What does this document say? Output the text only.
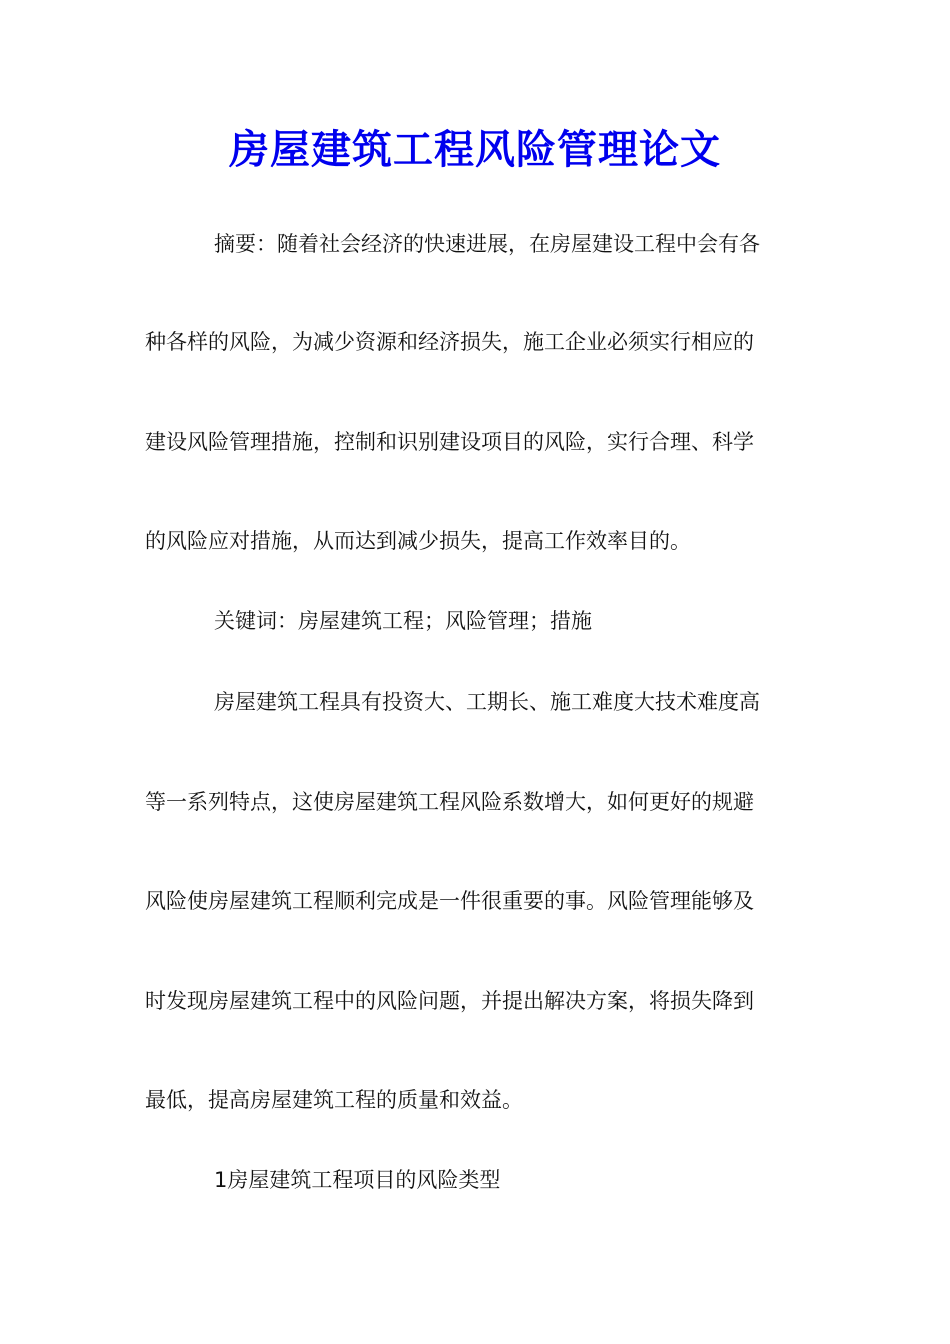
房屋建筑工程风险管理论文

摘要：随着社会经济的快速进展，在房屋建设工程中会有各

种各样的风险，为减少资源和经济损失，施工企业必须实行相应的

建设风险管理措施，控制和识别建设项目的风险，实行合理、科学

的风险应对措施，从而达到减少损失，提高工作效率目的。

关键词：房屋建筑工程；风险管理；措施

房屋建筑工程具有投资大、工期长、施工难度大技术难度高

等一系列特点，这使房屋建筑工程风险系数增大，如何更好的规避

风险使房屋建筑工程顺利完成是一件很重要的事。风险管理能够及

时发现房屋建筑工程中的风险问题，并提出解决方案，将损失降到

最低，提高房屋建筑工程的质量和效益。

1房屋建筑工程项目的风险类型
